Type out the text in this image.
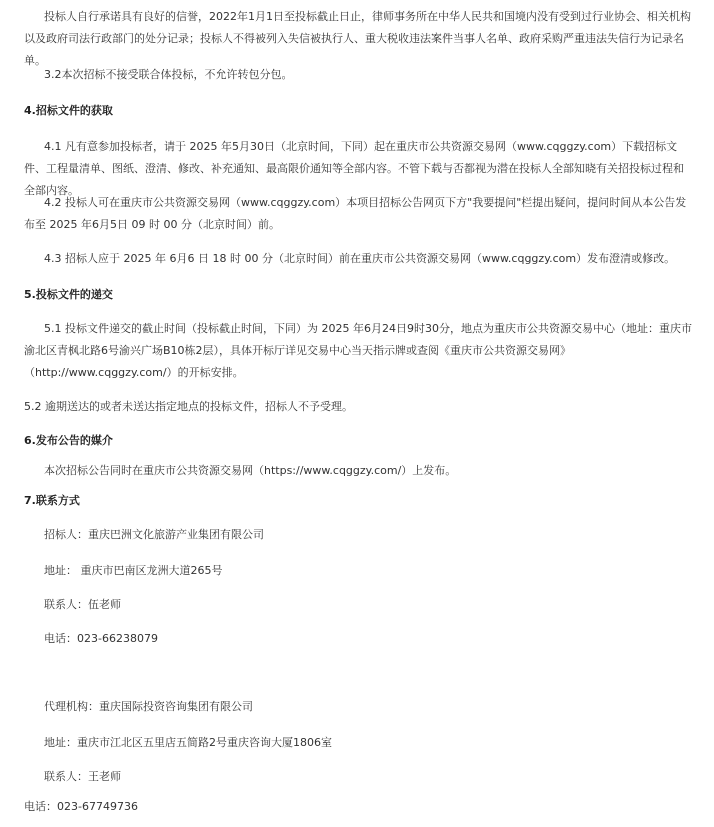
投标人自行承诺具有良好的信誉，2022年1月1日至投标截止日止，律师事务所在中华人民共和国境内没有受到过行业协会、相关机构以及政府司法行政部门的处分记录；投标人不得被列入失信被执行人、重大税收违法案件当事人名单、政府采购严重违法失信行为记录名单。

3.2本次招标不接受联合体投标，不允许转包分包。

4.招标文件的获取

4.1 凡有意参加投标者，请于 2025 年5月30日（北京时间，下同）起在重庆市公共资源交易网（www.cqggzy.com）下载招标文件、工程量清单、图纸、澄清、修改、补充通知、最高限价通知等全部内容。不管下载与否都视为潜在投标人全部知晓有关招投标过程和全部内容。

4.2 投标人可在重庆市公共资源交易网（www.cqggzy.com）本项目招标公告网页下方"我要提问"栏提出疑问，提问时间从本公告发布至 2025 年6月5日 09 时 00 分（北京时间）前。

4.3 招标人应于 2025 年 6月6 日 18 时 00 分（北京时间）前在重庆市公共资源交易网（www.cqggzy.com）发布澄清或修改。

5.投标文件的递交

5.1 投标文件递交的截止时间（投标截止时间，下同）为 2025 年6月24日9时30分，地点为重庆市公共资源交易中心（地址：重庆市渝北区青枫北路6号渝兴广场B10栋2层），具体开标厅详见交易中心当天指示牌或查阅《重庆市公共资源交易网》（http://www.cqggzy.com/）的开标安排。

5.2 逾期送达的或者未送达指定地点的投标文件，招标人不予受理。

6.发布公告的媒介

本次招标公告同时在重庆市公共资源交易网（https://www.cqggzy.com/）上发布。

7.联系方式

招标人：重庆巴洲文化旅游产业集团有限公司

地址： 重庆市巴南区龙洲大道265号

联系人：伍老师

电话：023-66238079

代理机构：重庆国际投资咨询集团有限公司

地址：重庆市江北区五里店五简路2号重庆咨询大厦1806室

联系人：王老师

电话：023-67749736
